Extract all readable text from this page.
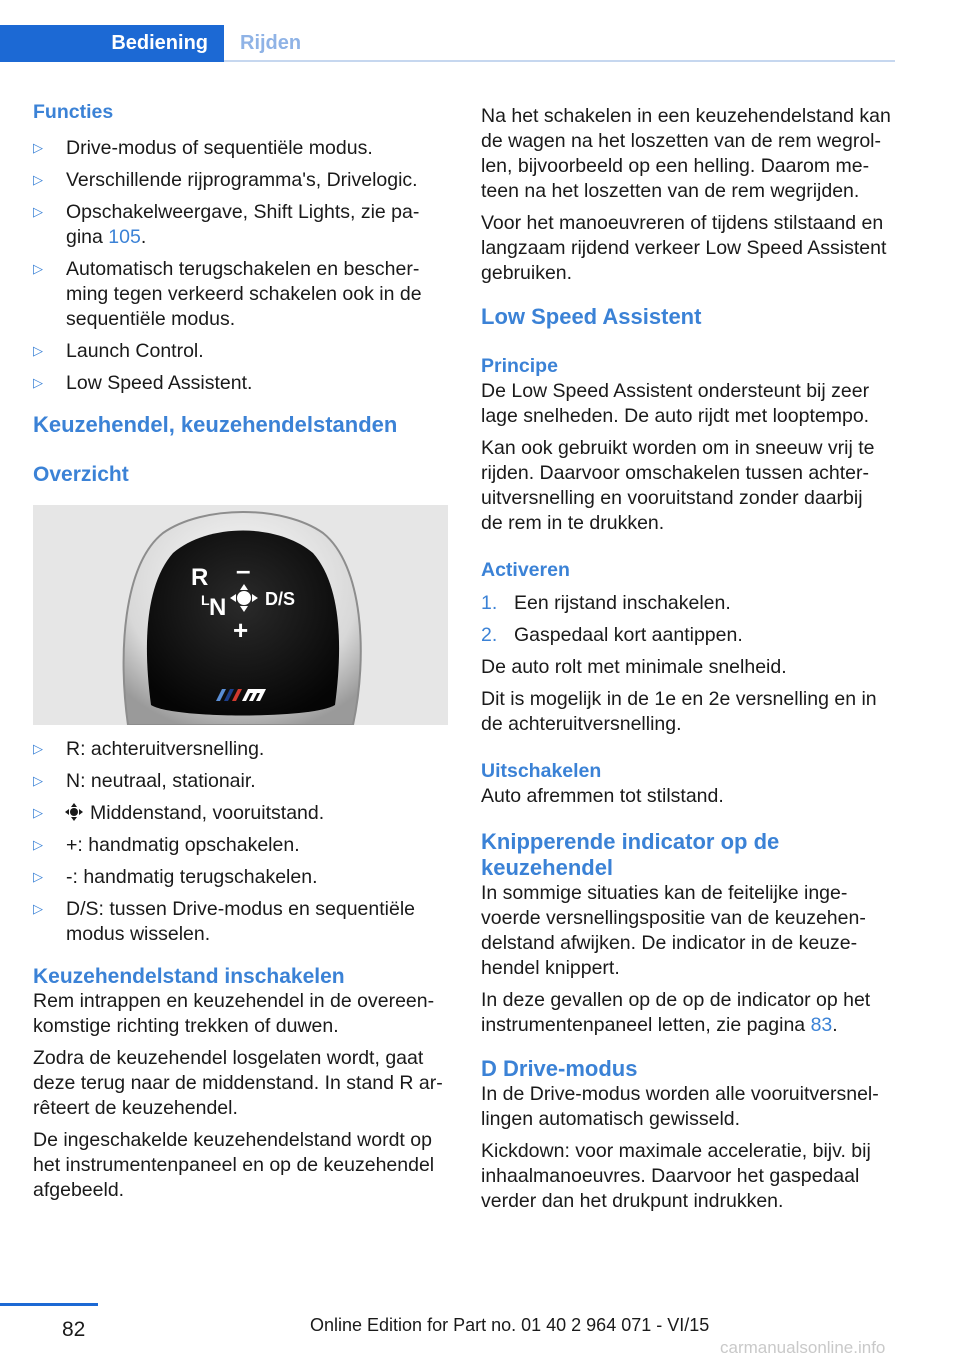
Bediening	Rijden
Functies
▷	Drive-modus of sequentiële modus.
▷	Verschillende rijprogramma's, Drivelogic.
▷	Opschakelweergave, Shift Lights, zie pa-
gina 105.
▷	Automatisch terugschakelen en bescher-
ming tegen verkeerd schakelen ook in de
sequentiële modus.
▷	Launch Control.
▷	Low Speed Assistent.
Keuzehendel, keuzehendelstanden
Overzicht
R –
L N D/S
+
▷	R: achteruitversnelling.
▷	N: neutraal, stationair.
▷	Middenstand, vooruitstand.
▷	+: handmatig opschakelen.
▷	-: handmatig terugschakelen.
▷	D/S: tussen Drive-modus en sequentiële
modus wisselen.
Keuzehendelstand inschakelen

Rem intrappen en keuzehendel in de overeen-
komstige richting trekken of duwen.

Zodra de keuzehendel losgelaten wordt, gaat
deze terug naar de middenstand. In stand R ar-
rêteert de keuzehendel.

De ingeschakelde keuzehendelstand wordt op
het instrumentenpaneel en op de keuzehendel
afgebeeld.

Na het schakelen in een keuzehendelstand kan
de wagen na het loszetten van de rem wegrol-
len, bijvoorbeeld op een helling. Daarom me-
teen na het loszetten van de rem wegrijden.

Voor het manoeuvreren of tijdens stilstaand en
langzaam rijdend verkeer Low Speed Assistent
gebruiken.

Low Speed Assistent
Principe

De Low Speed Assistent ondersteunt bij zeer
lage snelheden. De auto rijdt met looptempo.

Kan ook gebruikt worden om in sneeuw vrij te
rijden. Daarvoor omschakelen tussen achter-
uitversnelling en vooruitstand zonder daarbij
de rem in te drukken.

Activeren
1. Een rijstand inschakelen.
2. Gaspedaal kort aantippen.

De auto rolt met minimale snelheid.

Dit is mogelijk in de 1e en 2e versnelling en in
de achteruitversnelling.

Uitschakelen

Auto afremmen tot stilstand.

Knipperende indicator op de
keuzehendel

In sommige situaties kan de feitelijke inge-
voerde versnellingspositie van de keuzehen-
delstand afwijken. De indicator in de keuze-
hendel knippert.

In deze gevallen op de op de indicator op het
instrumentenpaneel letten, zie pagina 83.

D Drive-modus

In de Drive-modus worden alle vooruitversnel-
lingen automatisch gewisseld.

Kickdown: voor maximale acceleratie, bijv. bij
inhaalmanoeuvres. Daarvoor het gaspedaal
verder dan het drukpunt indrukken.

82	Online Edition for Part no. 01 40 2 964 071 - VI/15
carmanualsonline.info
